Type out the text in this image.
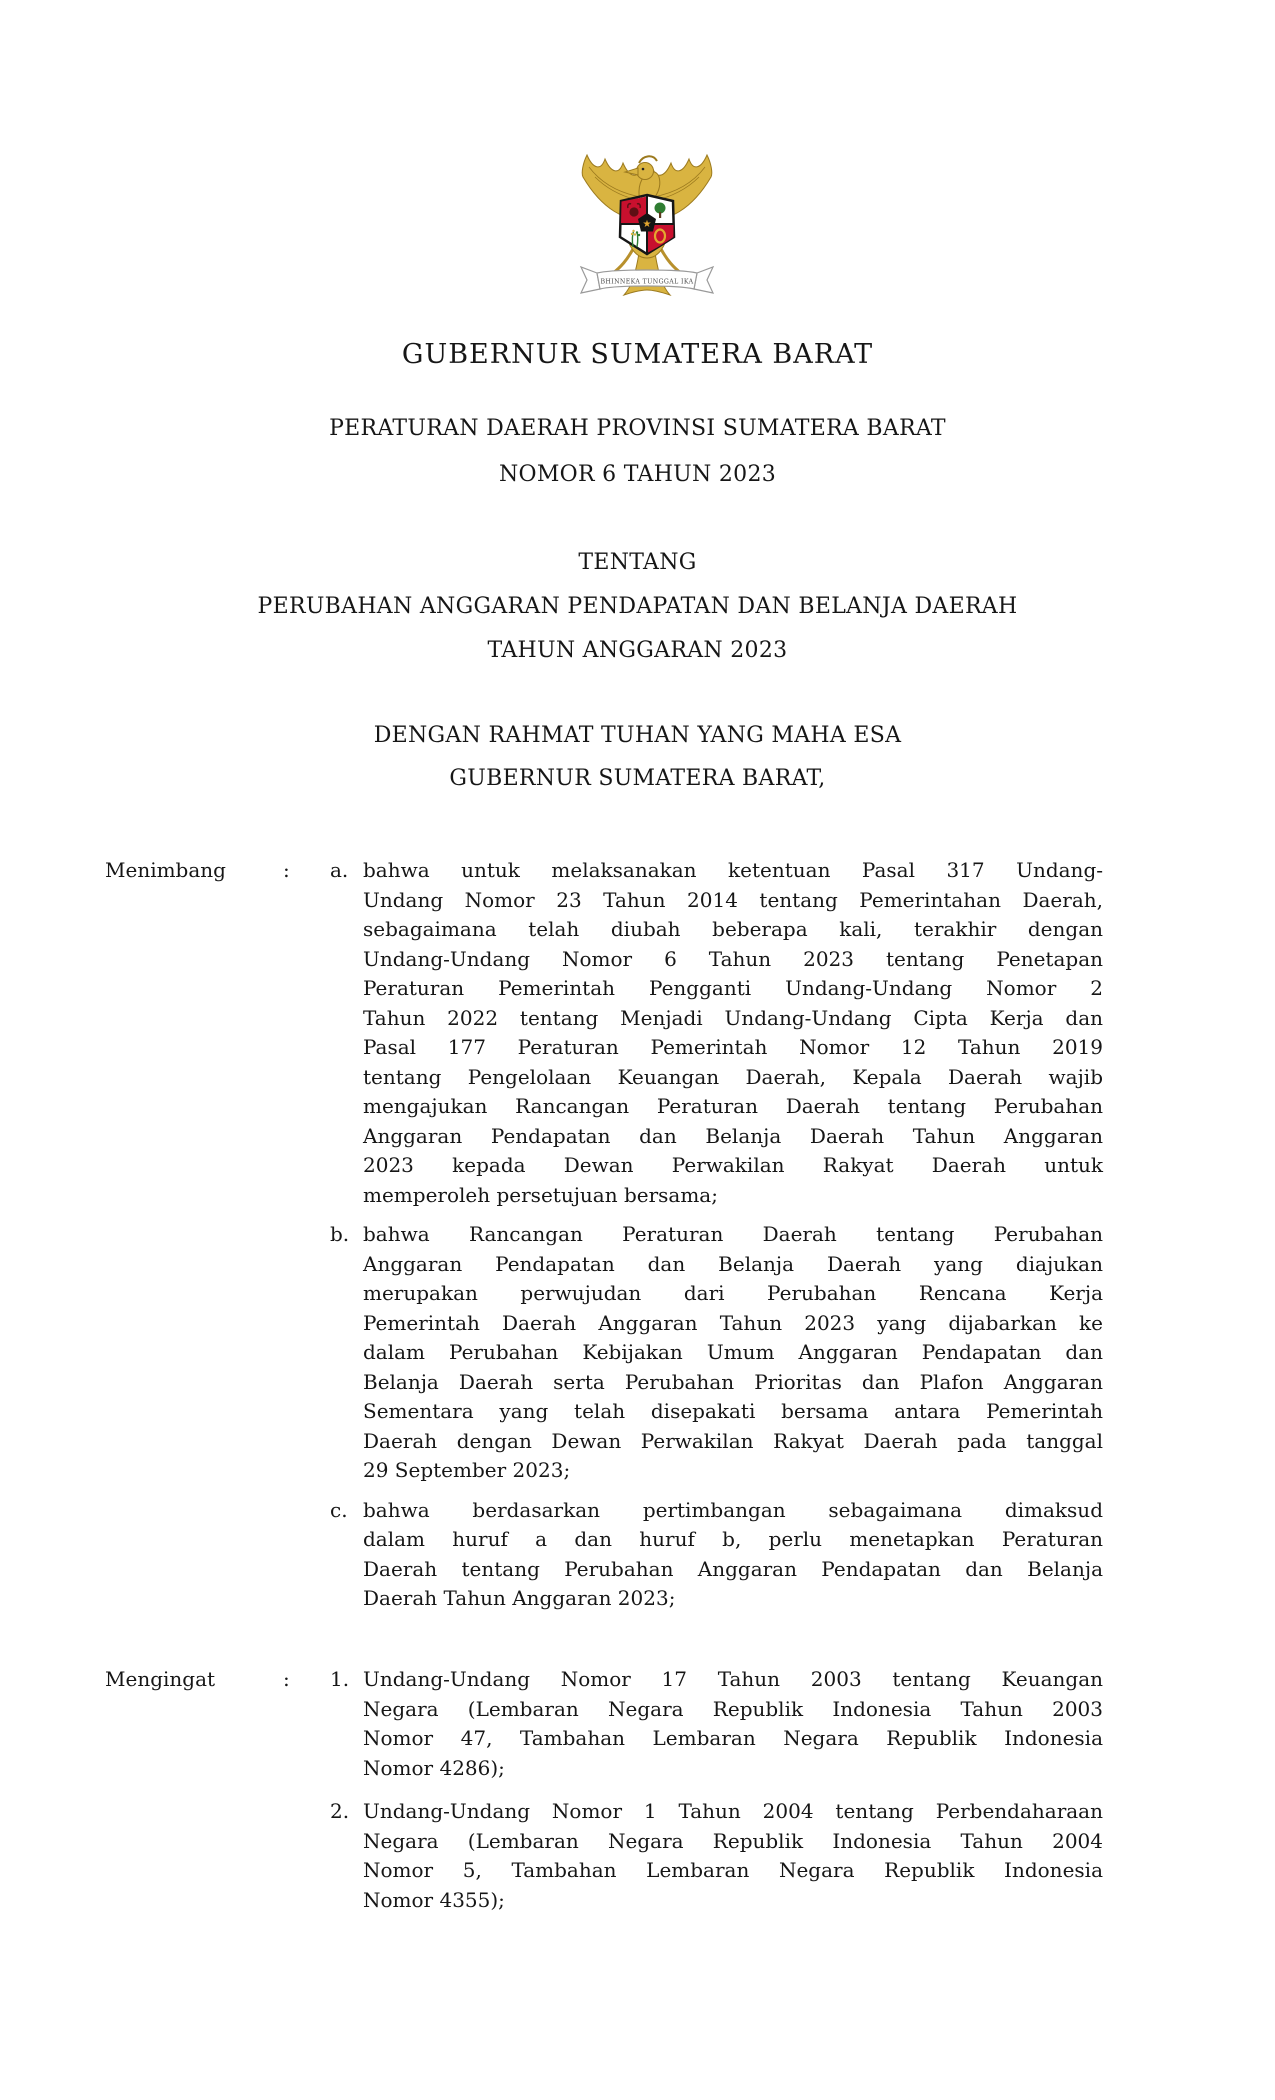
BHINNEKA TUNGGAL IKA
★
GUBERNUR SUMATERA BARAT
PERATURAN DAERAH PROVINSI SUMATERA BARAT
NOMOR 6 TAHUN 2023
TENTANG
PERUBAHAN ANGGARAN PENDAPATAN DAN BELANJA DAERAH
TAHUN ANGGARAN 2023
DENGAN RAHMAT TUHAN YANG MAHA ESA
GUBERNUR SUMATERA BARAT,
Menimbang	: a. bahwa untuk melaksanakan ketentuan Pasal 317 Undang-
Undang Nomor 23 Tahun 2014 tentang Pemerintahan Daerah,
sebagaimana telah diubah beberapa kali, terakhir dengan
Undang-Undang Nomor 6 Tahun 2023 tentang Penetapan
Peraturan Pemerintah Pengganti Undang-Undang Nomor 2
Tahun 2022 tentang Menjadi Undang-Undang Cipta Kerja dan
Pasal 177 Peraturan Pemerintah Nomor 12 Tahun 2019
tentang Pengelolaan Keuangan Daerah, Kepala Daerah wajib
mengajukan Rancangan Peraturan Daerah tentang Perubahan
Anggaran Pendapatan dan Belanja Daerah Tahun Anggaran
2023 kepada Dewan Perwakilan Rakyat Daerah untuk
memperoleh persetujuan bersama;
b. bahwa Rancangan Peraturan Daerah tentang Perubahan
Anggaran Pendapatan dan Belanja Daerah yang diajukan
merupakan perwujudan dari Perubahan Rencana Kerja
Pemerintah Daerah Anggaran Tahun 2023 yang dijabarkan ke
dalam Perubahan Kebijakan Umum Anggaran Pendapatan dan
Belanja Daerah serta Perubahan Prioritas dan Plafon Anggaran
Sementara yang telah disepakati bersama antara Pemerintah
Daerah dengan Dewan Perwakilan Rakyat Daerah pada tanggal
29 September 2023;
c. bahwa berdasarkan pertimbangan sebagaimana dimaksud
dalam huruf a dan huruf b, perlu menetapkan Peraturan
Daerah tentang Perubahan Anggaran Pendapatan dan Belanja
Daerah Tahun Anggaran 2023;
Mengingat	: 1. Undang-Undang Nomor 17 Tahun 2003 tentang Keuangan
Negara (Lembaran Negara Republik Indonesia Tahun 2003
Nomor 47, Tambahan Lembaran Negara Republik Indonesia
Nomor 4286);
2. Undang-Undang Nomor 1 Tahun 2004 tentang Perbendaharaan
Negara (Lembaran Negara Republik Indonesia Tahun 2004
Nomor 5, Tambahan Lembaran Negara Republik Indonesia
Nomor 4355);
